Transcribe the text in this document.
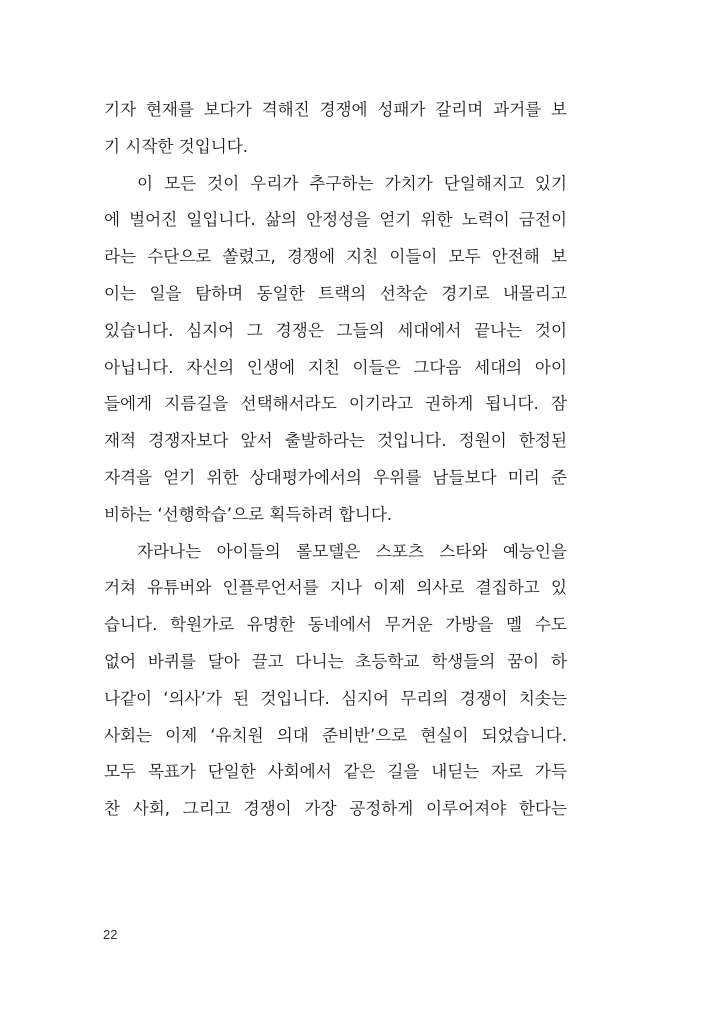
기자 현재를 보다가 격해진 경쟁에 성패가 갈리며 과거를 보
기 시작한 것입니다.
이 모든 것이 우리가 추구하는 가치가 단일해지고 있기
에 벌어진 일입니다. 삶의 안정성을 얻기 위한 노력이 금전이
라는 수단으로 쏠렸고, 경쟁에 지친 이들이 모두 안전해 보
이는 일을 탐하며 동일한 트랙의 선착순 경기로 내몰리고
있습니다. 심지어 그 경쟁은 그들의 세대에서 끝나는 것이
아닙니다. 자신의 인생에 지친 이들은 그다음 세대의 아이
들에게 지름길을 선택해서라도 이기라고 권하게 됩니다. 잠
재적 경쟁자보다 앞서 출발하라는 것입니다. 정원이 한정된
자격을 얻기 위한 상대평가에서의 우위를 남들보다 미리 준
비하는 ‘선행학습’으로 획득하려 합니다.
자라나는 아이들의 롤모델은 스포츠 스타와 예능인을
거쳐 유튜버와 인플루언서를 지나 이제 의사로 결집하고 있
습니다. 학원가로 유명한 동네에서 무거운 가방을 멜 수도
없어 바퀴를 달아 끌고 다니는 초등학교 학생들의 꿈이 하
나같이 ‘의사’가 된 것입니다. 심지어 무리의 경쟁이 치솟는
사회는 이제 ‘유치원 의대 준비반’으로 현실이 되었습니다.
모두 목표가 단일한 사회에서 같은 길을 내딛는 자로 가득
찬 사회, 그리고 경쟁이 가장 공정하게 이루어져야 한다는
22
